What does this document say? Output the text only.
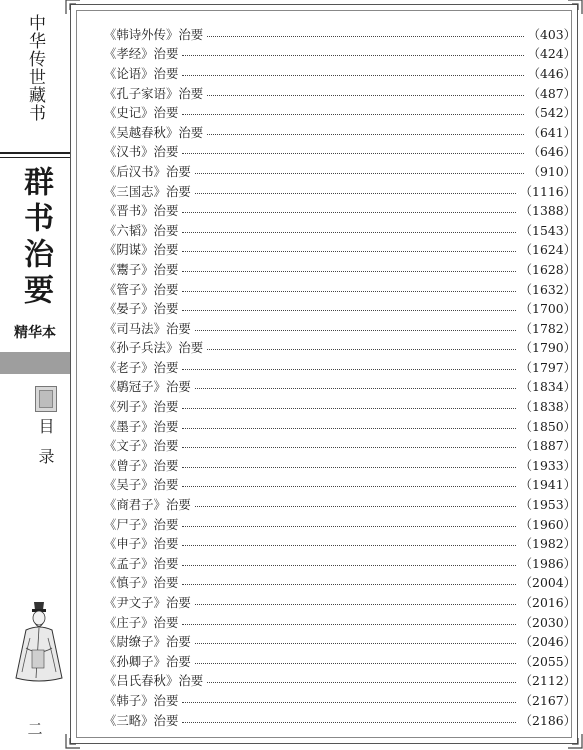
中华传世藏书
群书治要
精华本
目录
二
《韩诗外传》治要	（403）
《孝经》治要	（424）
《论语》治要	（446）
《孔子家语》治要	（487）
《史记》治要	（542）
《吴越春秋》治要	（641）
《汉书》治要	（646）
《后汉书》治要	（910）
《三国志》治要	（1116）
《晋书》治要	（1388）
《六韬》治要	（1543）
《阴谋》治要	（1624）
《鬻子》治要	（1628）
《管子》治要	（1632）
《晏子》治要	（1700）
《司马法》治要	（1782）
《孙子兵法》治要	（1790）
《老子》治要	（1797）
《鹖冠子》治要	（1834）
《列子》治要	（1838）
《墨子》治要	（1850）
《文子》治要	（1887）
《曾子》治要	（1933）
《吴子》治要	（1941）
《商君子》治要	（1953）
《尸子》治要	（1960）
《申子》治要	（1982）
《孟子》治要	（1986）
《慎子》治要	（2004）
《尹文子》治要	（2016）
《庄子》治要	（2030）
《尉缭子》治要	（2046）
《孙卿子》治要	（2055）
《吕氏春秋》治要	（2112）
《韩子》治要	（2167）
《三略》治要	（2186）
